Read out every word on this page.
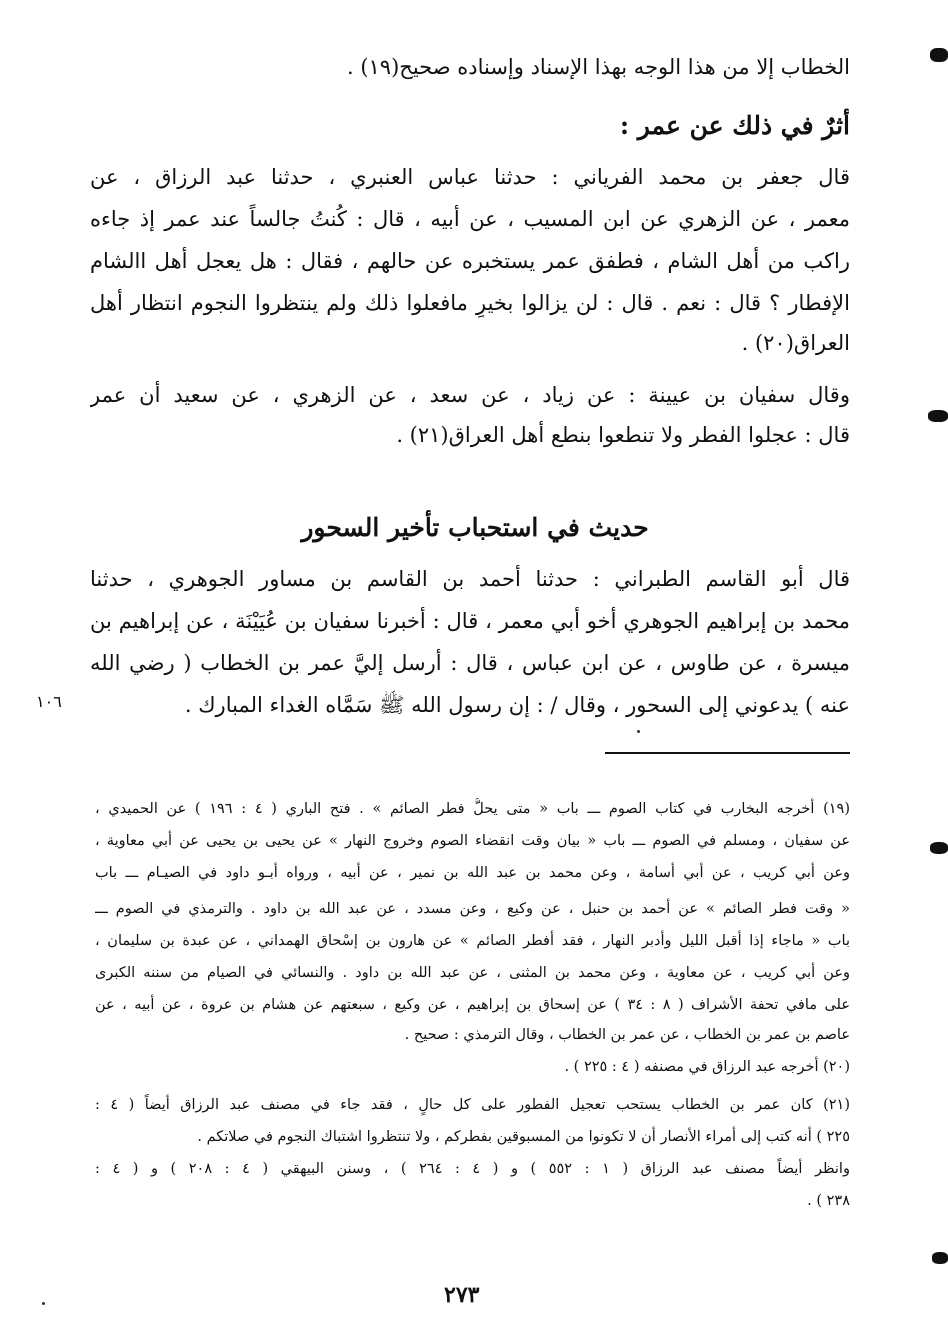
الخطاب إلا من هذا الوجه بهذا الإسناد وإسناده صحيح(١٩) .
أثرٌ في ذلك عن عمر :
قال جعفر بن محمد الفرياني : حدثنا عباس العنبري ، حدثنا عبد الرزاق ، عن
معمر ، عن الزهري عن ابن المسيب ، عن أبيه ، قال : كُنتُ جالساً عند عمر إذ جاءه
راكب من أهل الشام ، فطفق عمر يستخبره عن حالهم ، فقال : هل يعجل أهل االشام
الإفطار ؟ قال : نعم . قال : لن يزالوا بخيرٍ مافعلوا ذلك ولم ينتظروا النجوم انتظار أهل
العراق(٢٠) .
وقال سفيان بن عيينة : عن زياد ، عن سعد ، عن الزهري ، عن سعيد أن عمر
قال : عجلوا الفطر ولا تنطعوا بنطع أهل العراق(٢١) .
حديث في استحباب تأخير السحور
قال أبو القاسم الطبراني : حدثنا أحمد بن القاسم بن مساور الجوهري ، حدثنا
محمد بن إبراهيم الجوهري أخو أبي معمر ، قال : أخبرنا سفيان بن عُيَيْنَة ، عن إبراهيم بن
ميسرة ، عن طاوس ، عن ابن عباس ، قال : أرسل إليَّ عمر بن الخطاب ( رضي الله
عنه ) يدعوني إلى السحور ، وقال / : إن رسول الله ﷺ سَمَّاه الغداء المبارك .
١٠٦
(١٩) أخرجه البخارب في كتاب الصوم ـــ باب « متى يحلُّ فطر الصائم » . فتح الباري ( ٤ : ١٩٦ ) عن الحميدي ،
عن سفيان ، ومسلم في الصوم ـــ باب « بيان وقت انقضاء الصوم وخروج النهار » عن يحيى بن يحيى عن أبي معاوية ،
وعن أبي كريب ، عن أبي أسامة ، وعن محمد بن عبد الله بن نمير ، عن أبيه ، ورواه أبـو داود في الصيـام ـــ باب
« وقت فطر الصائم » عن أحمد بن حنبل ، عن وكيع ، وعن مسدد ، عن عبد الله بن داود . والترمذي في الصوم ـــ
باب « ماجاء إذا أقبل الليل وأدبر النهار ، فقد أفطر الصائم » عن هارون بن إسْحاق الهمداني ، عن عبدة بن سليمان ،
وعن أبي كريب ، عن معاوية ، وعن محمد بن المثنى ، عن عبد الله بن داود . والنسائي في الصيام من سننه الكبرى
على مافي تحفة الأشراف ( ٨ : ٣٤ ) عن إسحاق بن إبراهيم ، عن وكيع ، سبعتهم عن هشام بن عروة ، عن أبيه ، عن
عاصم بن عمر بن الخطاب ، عن عمر بن الخطاب ، وقال الترمذي : صحيح .
(٢٠) أخرجه عبد الرزاق في مصنفه ( ٤ : ٢٢٥ ) .
(٢١) كان عمر بن الخطاب يستحب تعجيل الفطور على كل حالٍ ، فقد جاء في مصنف عبد الرزاق أيضاً ( ٤ :
٢٢٥ ) أنه كتب إلى أمراء الأنصار أن لا تكونوا من المسبوقين بفطركم ، ولا تنتظروا اشتباك النجوم في صلاتكم .
وانظر أيضاً مصنف عبد الرزاق ( ١ : ٥٥٢ ) و ( ٤ : ٢٦٤ ) ، وسنن البيهقي ( ٤ : ٢٠٨ ) و ( ٤ :
٢٣٨ ) .
٢٧٣
